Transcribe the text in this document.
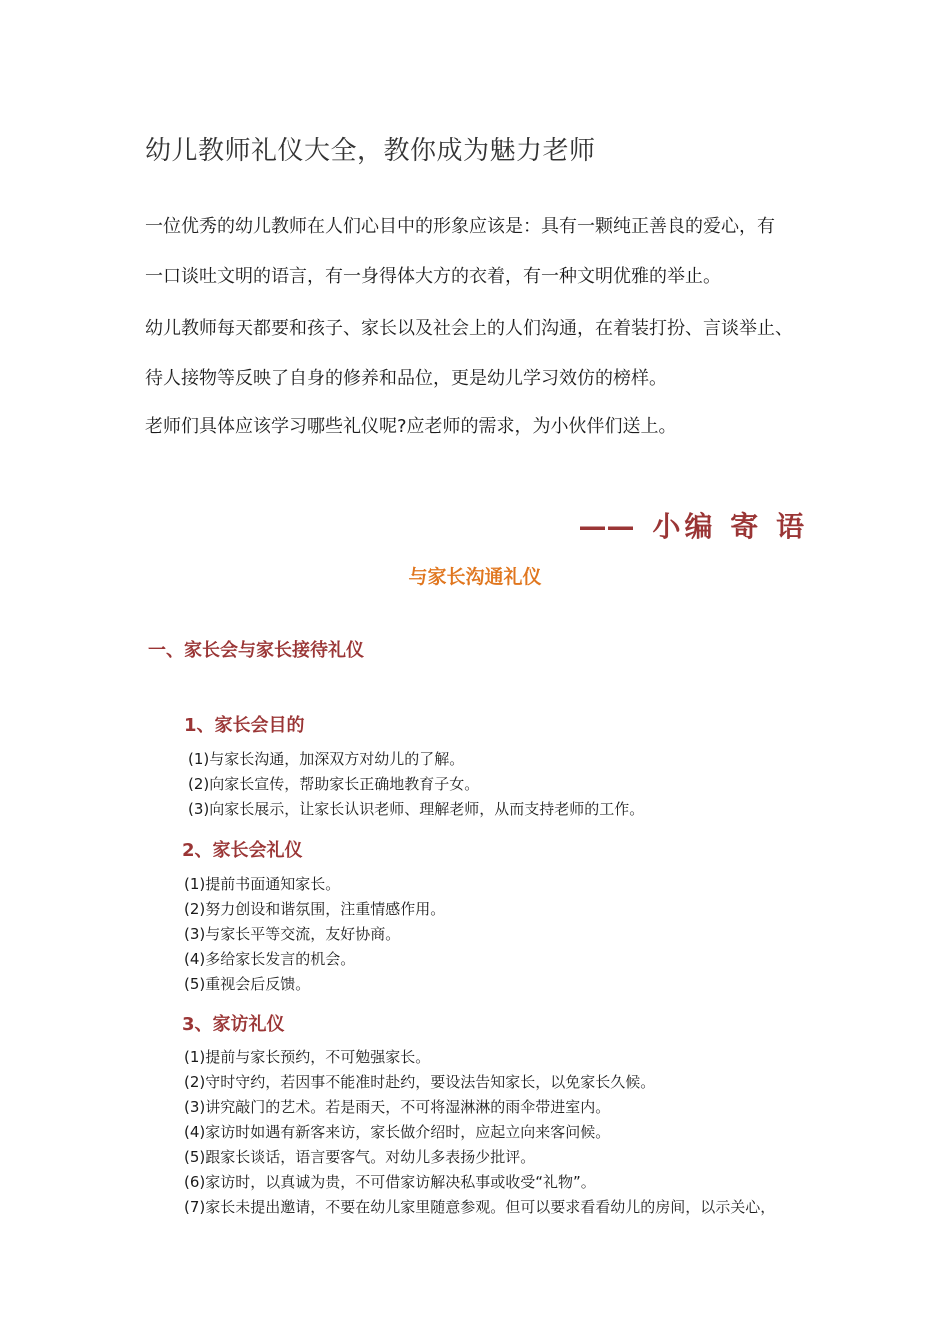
幼儿教师礼仪大全，教你成为魅力老师
一位优秀的幼儿教师在人们心目中的形象应该是：具有一颗纯正善良的爱心，有
一口谈吐文明的语言，有一身得体大方的衣着，有一种文明优雅的举止。
幼儿教师每天都要和孩子、家长以及社会上的人们沟通，在着装打扮、言谈举止、
待人接物等反映了自身的修养和品位，更是幼儿学习效仿的榜样。
老师们具体应该学习哪些礼仪呢?应老师的需求，为小伙伴们送上。
—— 小编 寄 语
与家长沟通礼仪
一、家长会与家长接待礼仪
1、家长会目的
(1)与家长沟通，加深双方对幼儿的了解。
(2)向家长宣传，帮助家长正确地教育子女。
(3)向家长展示，让家长认识老师、理解老师，从而支持老师的工作。
2、家长会礼仪
(1)提前书面通知家长。
(2)努力创设和谐氛围，注重情感作用。
(3)与家长平等交流，友好协商。
(4)多给家长发言的机会。
(5)重视会后反馈。
3、家访礼仪
(1)提前与家长预约，不可勉强家长。
(2)守时守约，若因事不能准时赴约，要设法告知家长，以免家长久候。
(3)讲究敲门的艺术。若是雨天，不可将湿淋淋的雨伞带进室内。
(4)家访时如遇有新客来访，家长做介绍时，应起立向来客问候。
(5)跟家长谈话，语言要客气。对幼儿多表扬少批评。
(6)家访时，以真诚为贵，不可借家访解决私事或收受“礼物”。
(7)家长未提出邀请，不要在幼儿家里随意参观。但可以要求看看幼儿的房间，以示关心，
